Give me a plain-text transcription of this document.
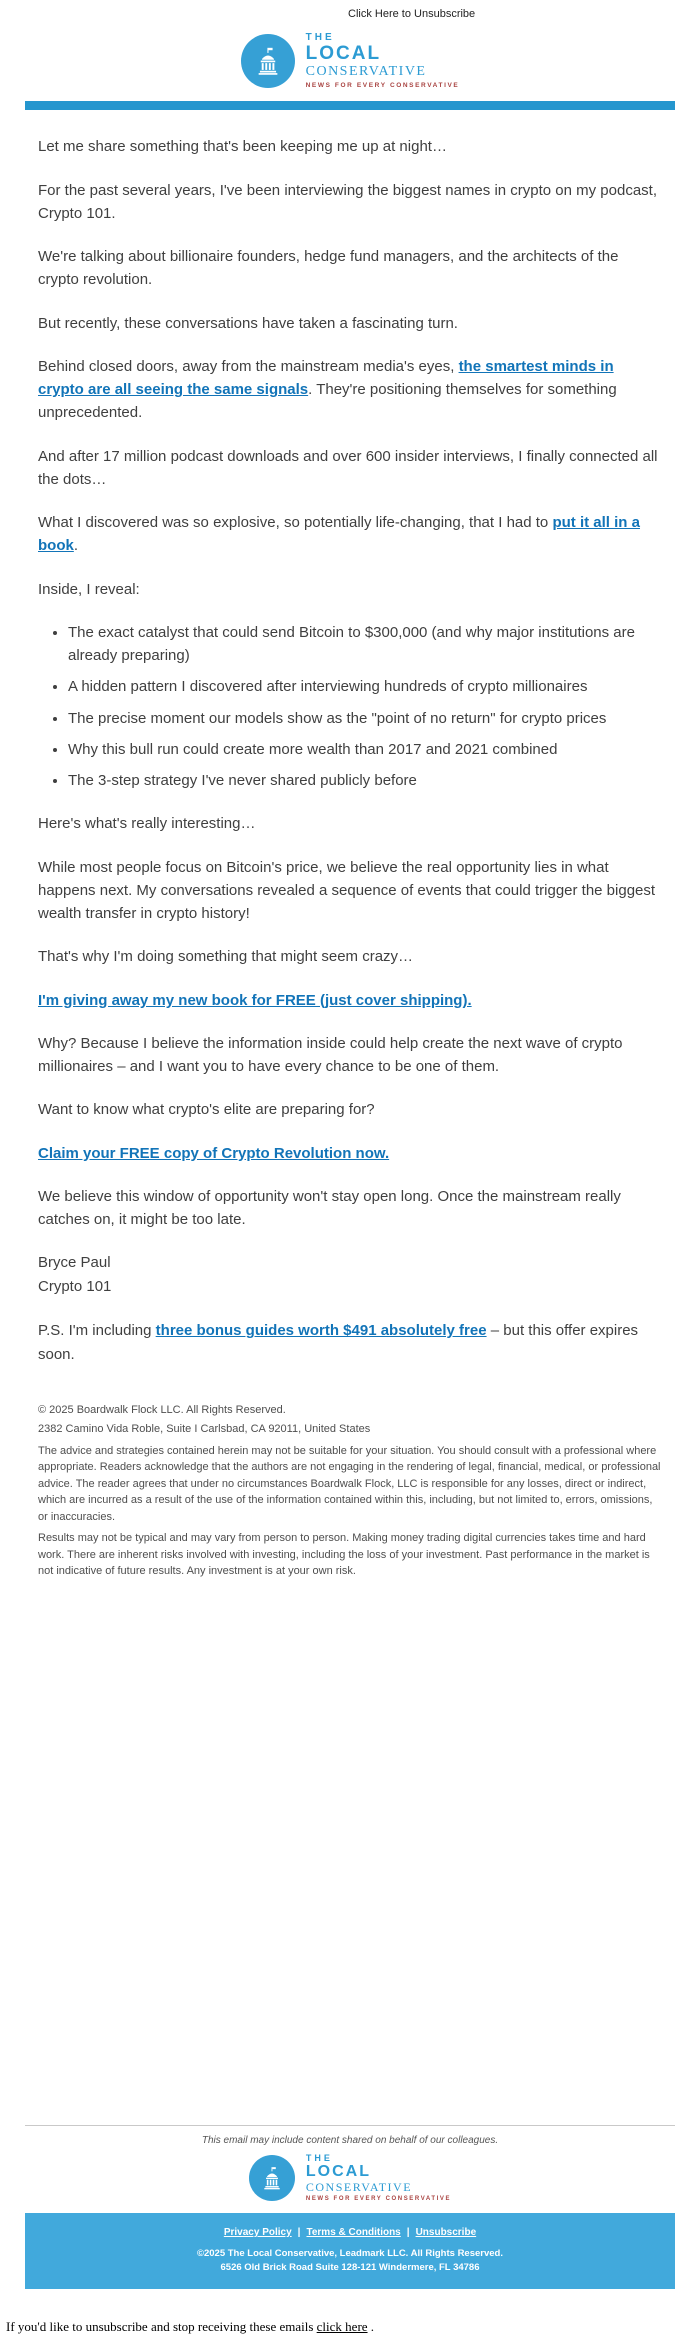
Click Here to Unsubscribe
THE
LOCAL
CONSERVATIVE
NEWS FOR EVERY CONSERVATIVE

Let me share something that's been keeping me up at night…

For the past several years, I've been interviewing the biggest names in crypto on my podcast, Crypto 101.

We're talking about billionaire founders, hedge fund managers, and the architects of the crypto revolution.

But recently, these conversations have taken a fascinating turn.

Behind closed doors, away from the mainstream media's eyes, the smartest minds in crypto are all seeing the same signals. They're positioning themselves for something unprecedented.

And after 17 million podcast downloads and over 600 insider interviews, I finally connected all the dots…

What I discovered was so explosive, so potentially life-changing, that I had to put it all in a book.

Inside, I reveal:

• The exact catalyst that could send Bitcoin to $300,000 (and why major institutions are already preparing)
• A hidden pattern I discovered after interviewing hundreds of crypto millionaires
• The precise moment our models show as the "point of no return" for crypto prices
• Why this bull run could create more wealth than 2017 and 2021 combined
• The 3-step strategy I've never shared publicly before

Here's what's really interesting…

While most people focus on Bitcoin's price, we believe the real opportunity lies in what happens next. My conversations revealed a sequence of events that could trigger the biggest wealth transfer in crypto history!

That's why I'm doing something that might seem crazy…

I'm giving away my new book for FREE (just cover shipping).

Why? Because I believe the information inside could help create the next wave of crypto millionaires – and I want you to have every chance to be one of them.

Want to know what crypto's elite are preparing for?

Claim your FREE copy of Crypto Revolution now.

We believe this window of opportunity won't stay open long. Once the mainstream really catches on, it might be too late.

Bryce Paul
Crypto 101

P.S. I'm including three bonus guides worth $491 absolutely free – but this offer expires soon.

© 2025 Boardwalk Flock LLC. All Rights Reserved.
2382 Camino Vida Roble, Suite I Carlsbad, CA 92011, United States
The advice and strategies contained herein may not be suitable for your situation. You should consult with a professional where appropriate. Readers acknowledge that the authors are not engaging in the rendering of legal, financial, medical, or professional advice. The reader agrees that under no circumstances Boardwalk Flock, LLC is responsible for any losses, direct or indirect, which are incurred as a result of the use of the information contained within this, including, but not limited to, errors, omissions, or inaccuracies.
Results may not be typical and may vary from person to person. Making money trading digital currencies takes time and hard work. There are inherent risks involved with investing, including the loss of your investment. Past performance in the market is not indicative of future results. Any investment is at your own risk.
This email may include content shared on behalf of our colleagues.
THE
LOCAL
CONSERVATIVE
NEWS FOR EVERY CONSERVATIVE
Privacy Policy | Terms & Conditions | Unsubscribe
©2025 The Local Conservative, Leadmark LLC. All Rights Reserved.
6526 Old Brick Road Suite 128-121 Windermere, FL 34786
If you'd like to unsubscribe and stop receiving these emails click here .
